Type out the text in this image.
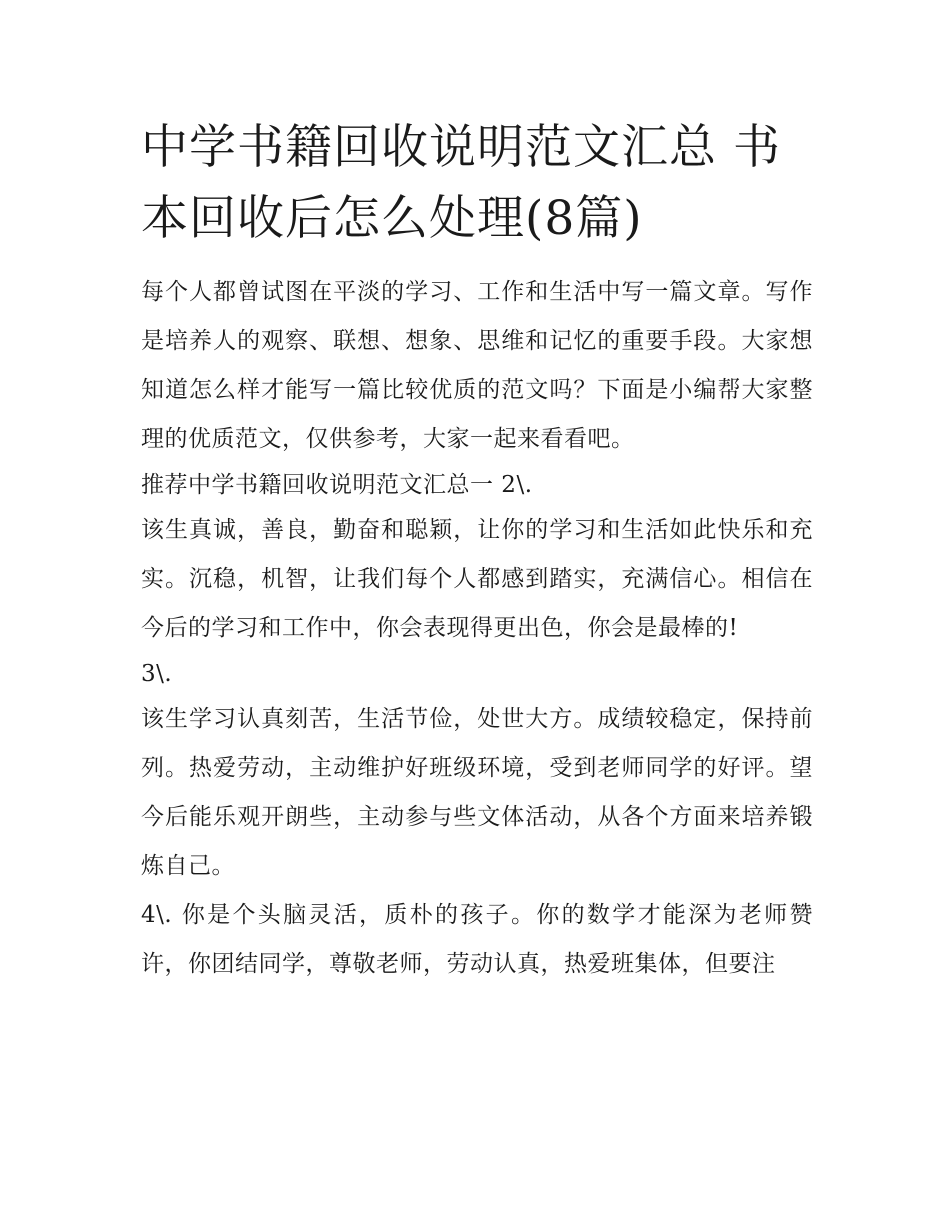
中学书籍回收说明范文汇总 书本回收后怎么处理(8篇)

每个人都曾试图在平淡的学习、工作和生活中写一篇文章。写作是培养人的观察、联想、想象、思维和记忆的重要手段。大家想知道怎么样才能写一篇比较优质的范文吗？下面是小编帮大家整理的优质范文，仅供参考，大家一起来看看吧。

推荐中学书籍回收说明范文汇总一 2\.

该生真诚，善良，勤奋和聪颖，让你的学习和生活如此快乐和充实。沉稳，机智，让我们每个人都感到踏实，充满信心。相信在今后的学习和工作中，你会表现得更出色，你会是最棒的!

3\.

该生学习认真刻苦，生活节俭，处世大方。成绩较稳定，保持前列。热爱劳动，主动维护好班级环境，受到老师同学的好评。望今后能乐观开朗些，主动参与些文体活动，从各个方面来培养锻炼自己。

4\. 你是个头脑灵活，质朴的孩子。你的数学才能深为老师赞许，你团结同学，尊敬老师，劳动认真，热爱班集体，但要注
